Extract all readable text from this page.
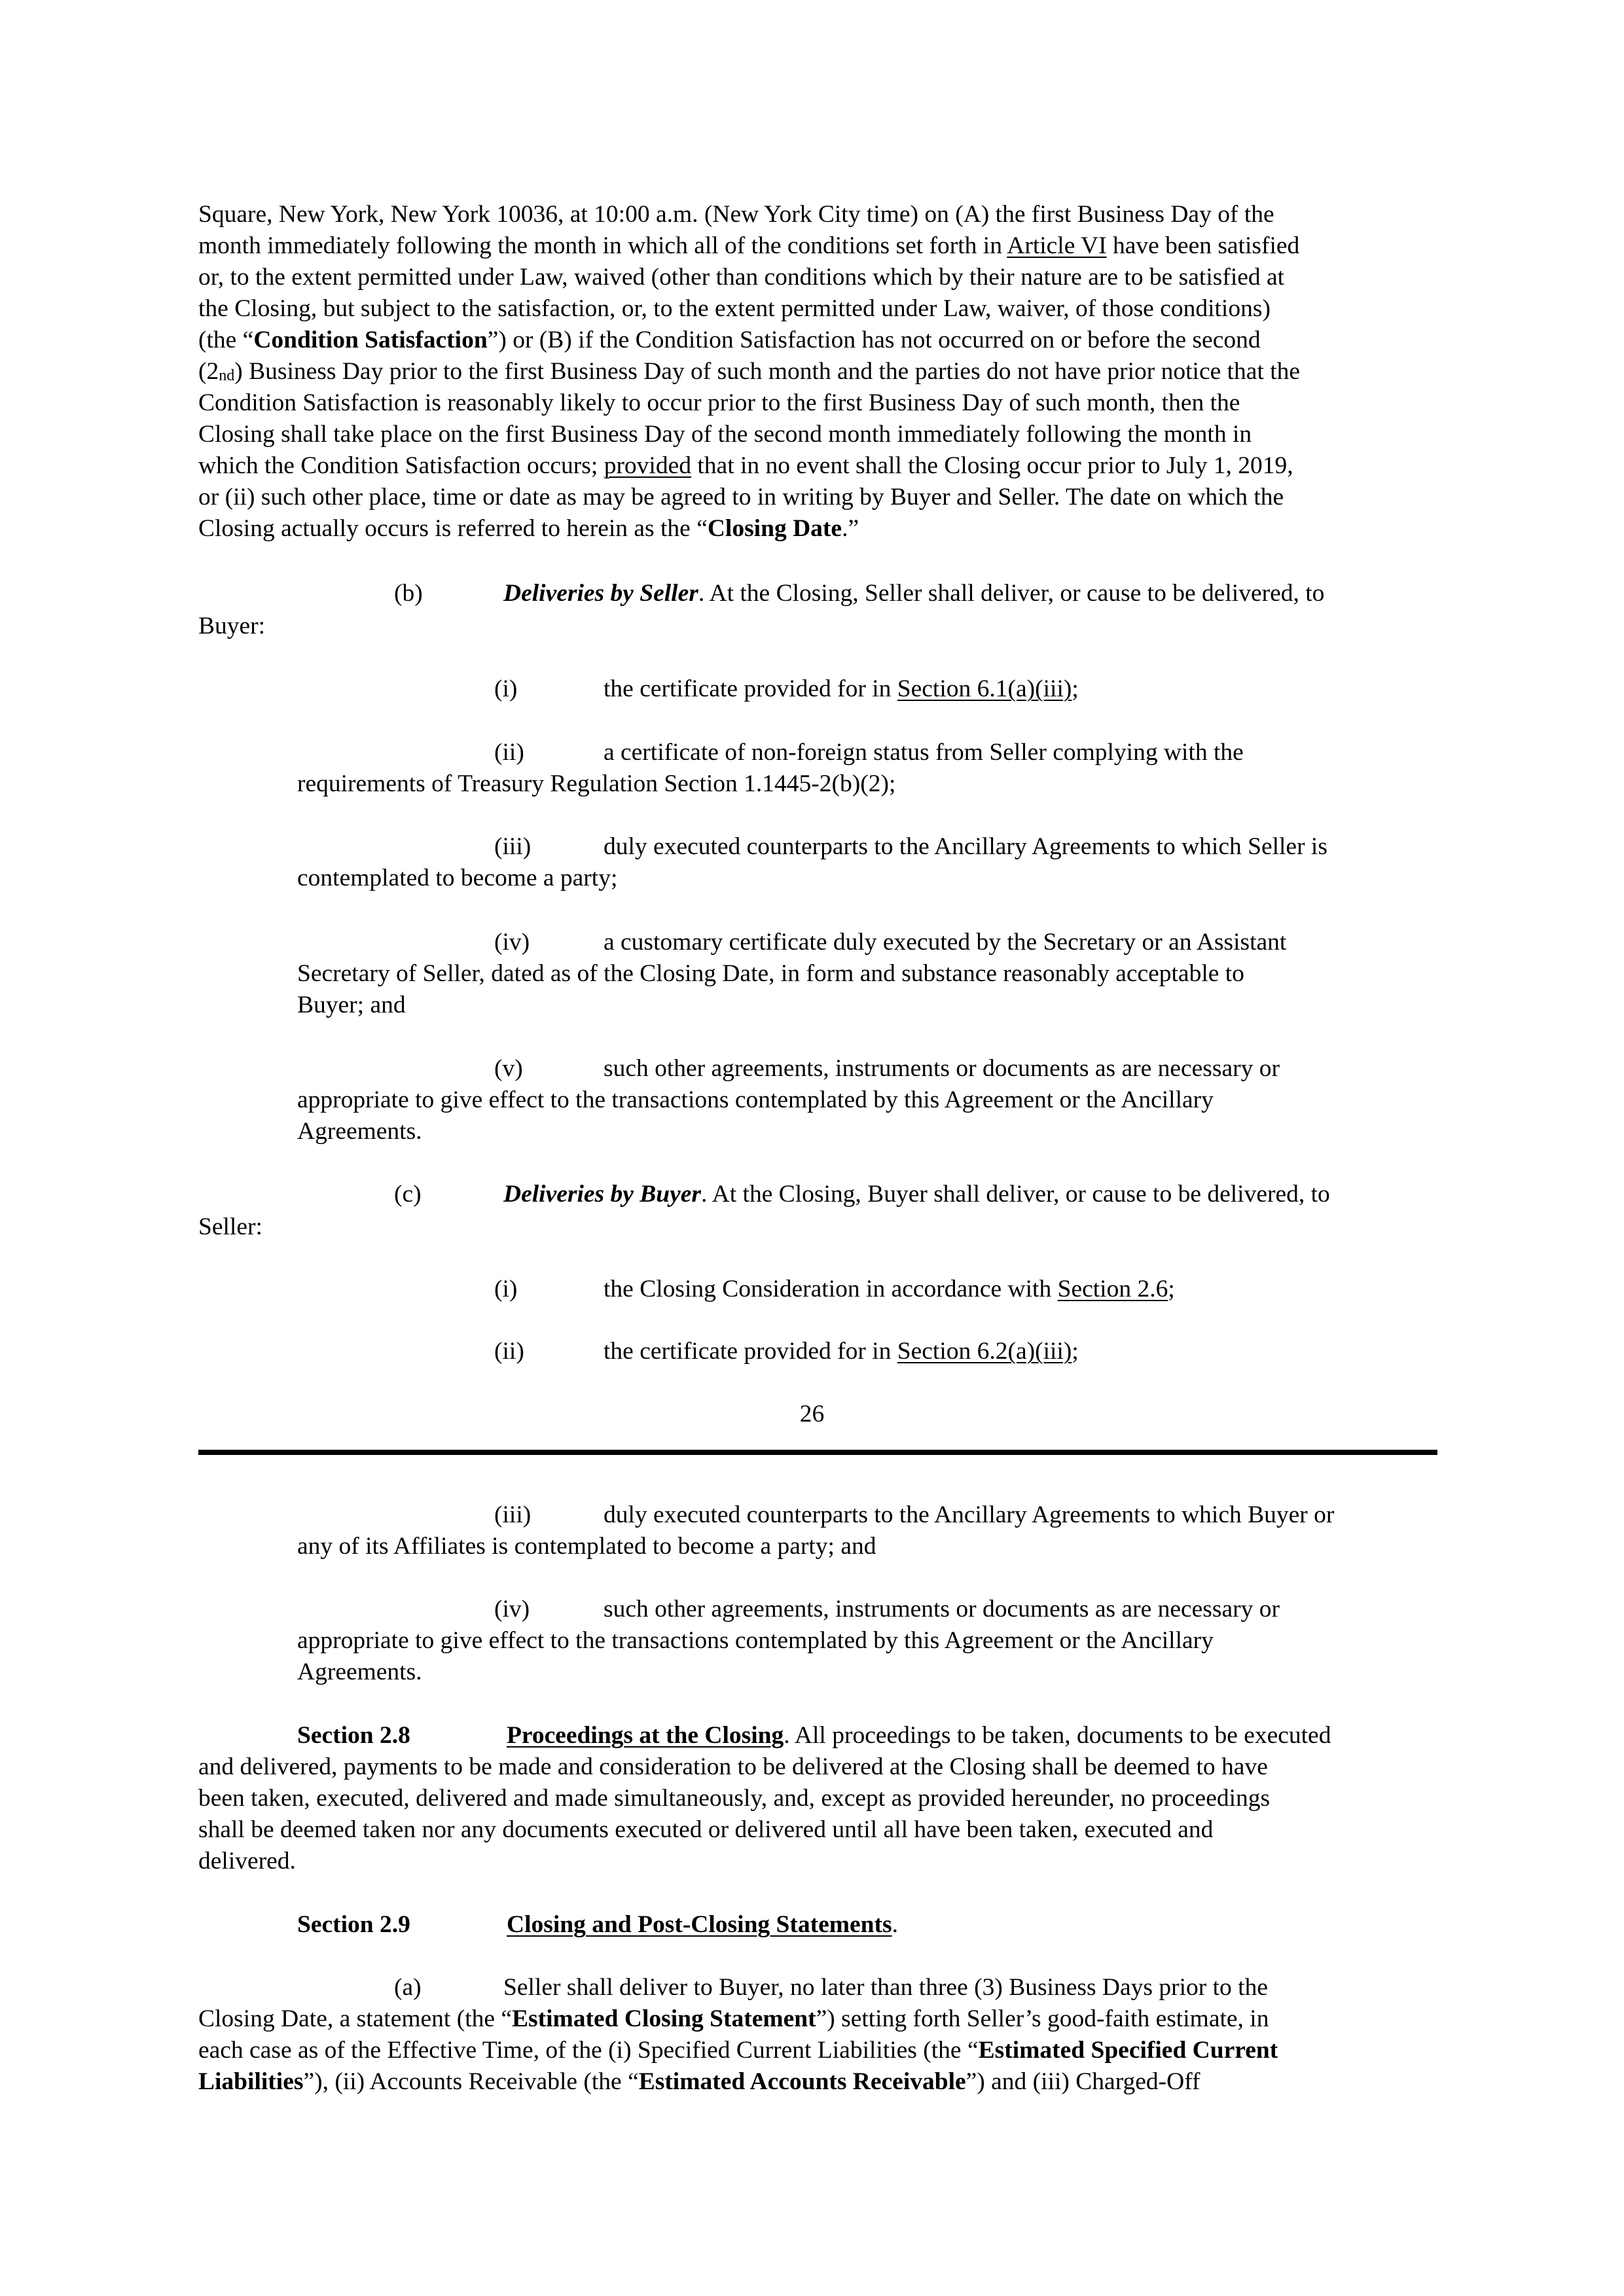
Square, New York, New York 10036, at 10:00 a.m. (New York City time) on (A) the first Business Day of the
month immediately following the month in which all of the conditions set forth in Article VI have been satisfied
or, to the extent permitted under Law, waived (other than conditions which by their nature are to be satisfied at
the Closing, but subject to the satisfaction, or, to the extent permitted under Law, waiver, of those conditions)
(the “Condition Satisfaction”) or (B) if the Condition Satisfaction has not occurred on or before the second
$(2_{nd})$ Business Day prior to the first Business Day of such month and the parties do not have prior notice that the
Condition Satisfaction is reasonably likely to occur prior to the first Business Day of such month, then the
Closing shall take place on the first Business Day of the second month immediately following the month in
which the Condition Satisfaction occurs; provided that in no event shall the Closing occur prior to July 1, 2019,
or (ii) such other place, time or date as may be agreed to in writing by Buyer and Seller. The date on which the
Closing actually occurs is referred to herein as the “Closing Date.”
(b)	Deliveries by Seller. At the Closing, Seller shall deliver, or cause to be delivered, to
Buyer:
(i)	the certificate provided for in Section 6.1(a)(iii);
(ii)	a certificate of non-foreign status from Seller complying with the
requirements of Treasury Regulation Section 1.1445-2(b)(2);
(iii)	duly executed counterparts to the Ancillary Agreements to which Seller is
contemplated to become a party;
(iv)	a customary certificate duly executed by the Secretary or an Assistant
Secretary of Seller, dated as of the Closing Date, in form and substance reasonably acceptable to
Buyer; and
(v)	such other agreements, instruments or documents as are necessary or
appropriate to give effect to the transactions contemplated by this Agreement or the Ancillary
Agreements.
(c)	Deliveries by Buyer. At the Closing, Buyer shall deliver, or cause to be delivered, to
Seller:
(i)	the Closing Consideration in accordance with Section 2.6;
(ii)	the certificate provided for in Section 6.2(a)(iii);
26
(iii)	duly executed counterparts to the Ancillary Agreements to which Buyer or
any of its Affiliates is contemplated to become a party; and
(iv)	such other agreements, instruments or documents as are necessary or
appropriate to give effect to the transactions contemplated by this Agreement or the Ancillary
Agreements.
Section 2.8	Proceedings at the Closing. All proceedings to be taken, documents to be executed
and delivered, payments to be made and consideration to be delivered at the Closing shall be deemed to have
been taken, executed, delivered and made simultaneously, and, except as provided hereunder, no proceedings
shall be deemed taken nor any documents executed or delivered until all have been taken, executed and
delivered.
Section 2.9	Closing and Post-Closing Statements.
(a)	Seller shall deliver to Buyer, no later than three (3) Business Days prior to the
Closing Date, a statement (the “Estimated Closing Statement”) setting forth Seller’s good-faith estimate, in
each case as of the Effective Time, of the (i) Specified Current Liabilities (the “Estimated Specified Current
Liabilities”), (ii) Accounts Receivable (the “Estimated Accounts Receivable”) and (iii) Charged-Off
